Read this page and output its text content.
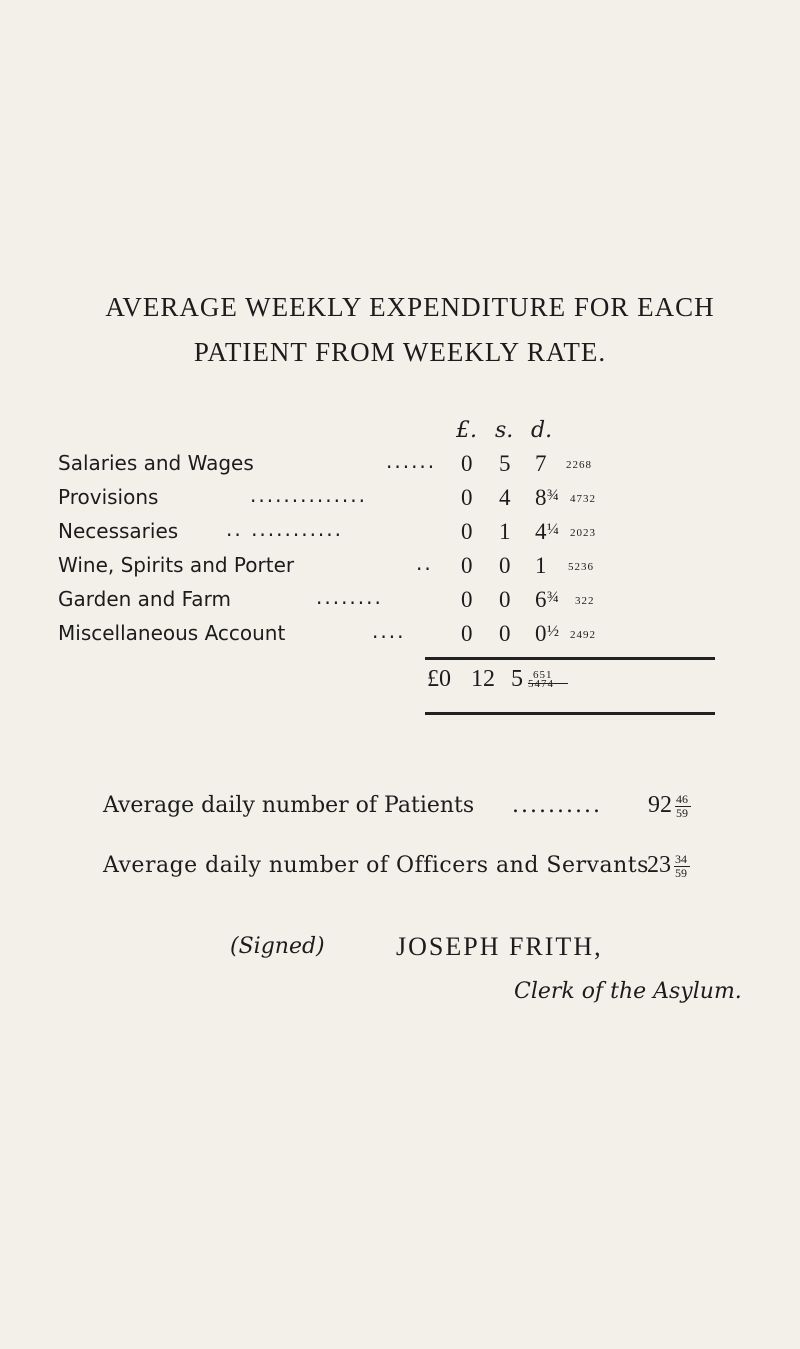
AVERAGE WEEKLY EXPENDITURE FOR EACH
PATIENT FROM WEEKLY RATE.
£. s. d.
Salaries and Wages	...... 0 5 7 2268
Provisions	..............	0 4 8 ¾ 4732
Necessaries .. ...........	0 1 4 ¼ 2023
Wine, Spirits and Porter	.. 0 0 1 5236
Garden and Farm	........	0 0 6 ¾ 322
Miscellaneous Account	.... 0 0 0 ½ 2492
£0 12 5 651
5474
Average daily number of Patients .......... 92 46
59
Average daily number of Officers and Servants
23 34
59
(Signed)	JOSEPH FRITH,
Clerk of the Asylum.
